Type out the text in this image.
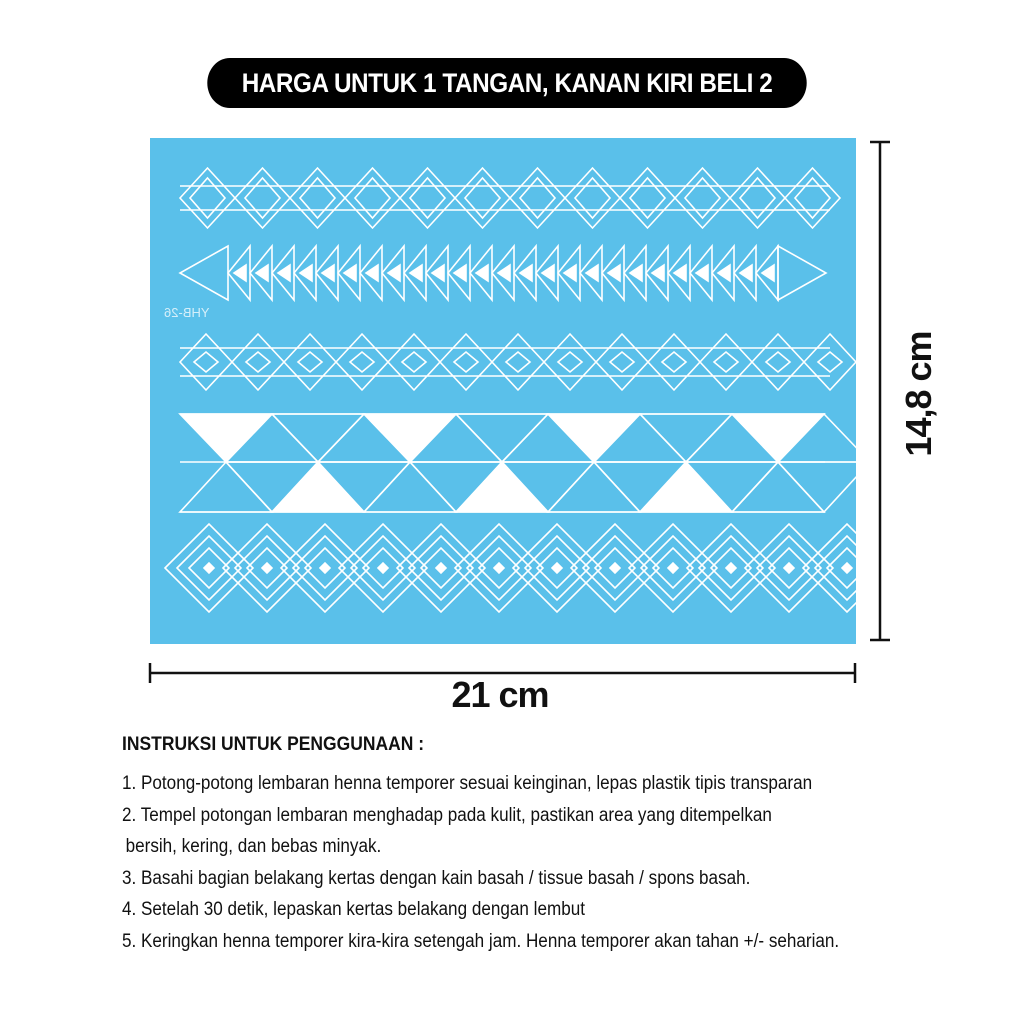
HARGA UNTUK 1 TANGAN, KANAN KIRI BELI 2
YHB-26
21 cm
14,8 cm
INSTRUKSI UNTUK PENGGUNAAN :
1. Potong-potong lembaran henna temporer sesuai keinginan, lepas plastik tipis transparan
2. Tempel potongan lembaran menghadap pada kulit, pastikan area yang ditempelkan
bersih, kering, dan bebas minyak.
3. Basahi bagian belakang kertas dengan kain basah / tissue basah / spons basah.
4. Setelah 30 detik, lepaskan kertas belakang dengan lembut
5. Keringkan henna temporer kira-kira setengah jam. Henna temporer akan tahan +/- seharian.
